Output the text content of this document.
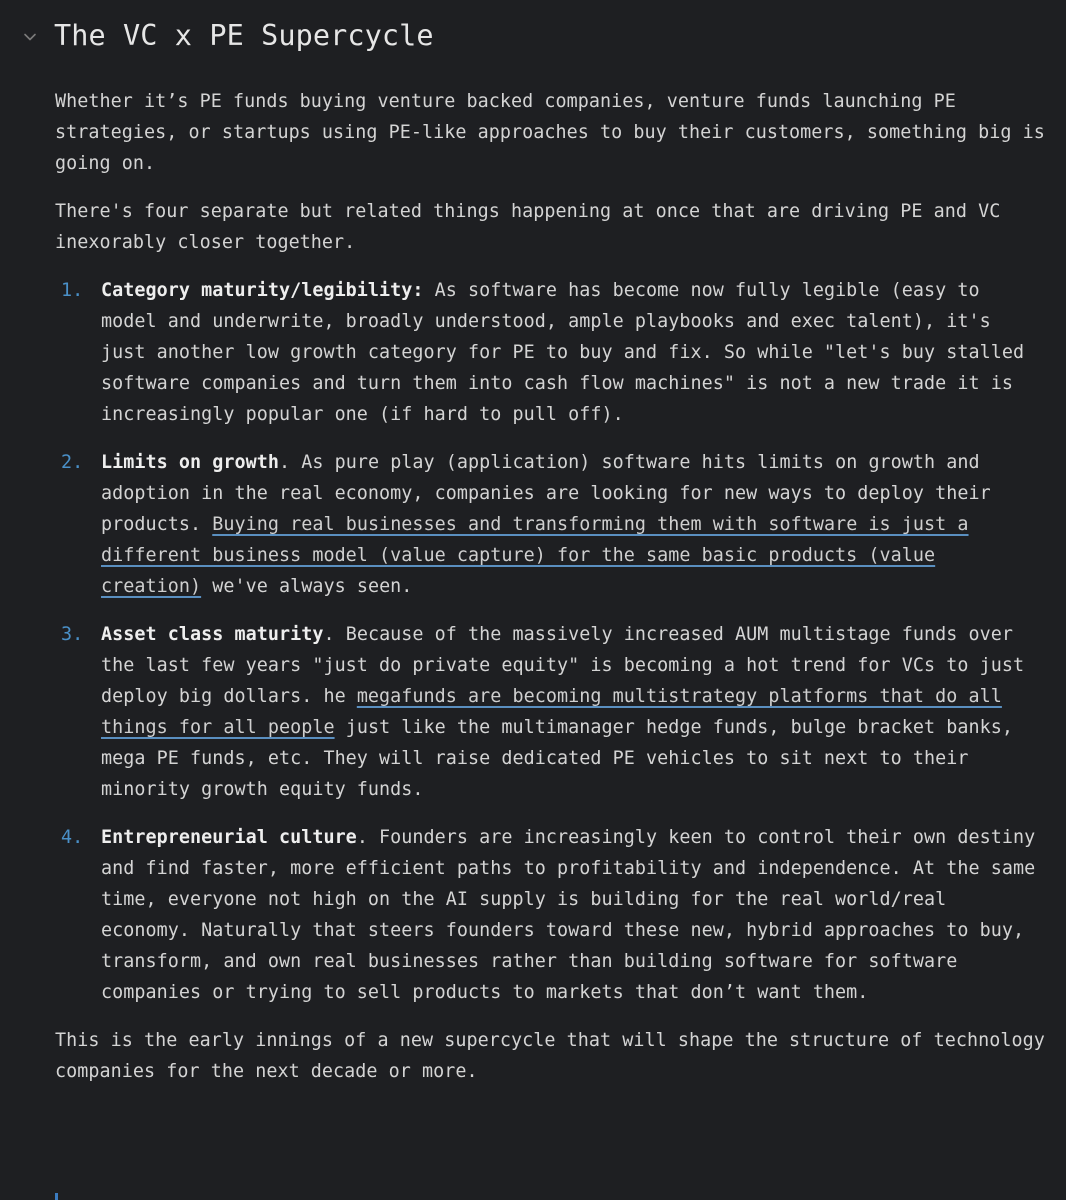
The VC x PE Supercycle

Whether it’s PE funds buying venture backed companies, venture funds launching PE strategies, or startups using PE-like approaches to buy their customers, something big is going on.

There's four separate but related things happening at once that are driving PE and VC inexorably closer together.

1. Category maturity/legibility: As software has become now fully legible (easy to model and underwrite, broadly understood, ample playbooks and exec talent), it's just another low growth category for PE to buy and fix. So while "let's buy stalled software companies and turn them into cash flow machines" is not a new trade it is increasingly popular one (if hard to pull off).
2. Limits on growth. As pure play (application) software hits limits on growth and adoption in the real economy, companies are looking for new ways to deploy their products. Buying real businesses and transforming them with software is just a different business model (value capture) for the same basic products (value creation) we've always seen.
3. Asset class maturity. Because of the massively increased AUM multistage funds over the last few years "just do private equity" is becoming a hot trend for VCs to just deploy big dollars. he megafunds are becoming multistrategy platforms that do all things for all people just like the multimanager hedge funds, bulge bracket banks, mega PE funds, etc. They will raise dedicated PE vehicles to sit next to their minority growth equity funds.
4. Entrepreneurial culture. Founders are increasingly keen to control their own destiny and find faster, more efficient paths to profitability and independence. At the same time, everyone not high on the AI supply is building for the real world/real economy. Naturally that steers founders toward these new, hybrid approaches to buy, transform, and own real businesses rather than building software for software companies or trying to sell products to markets that don’t want them.

This is the early innings of a new supercycle that will shape the structure of technology companies for the next decade or more.
